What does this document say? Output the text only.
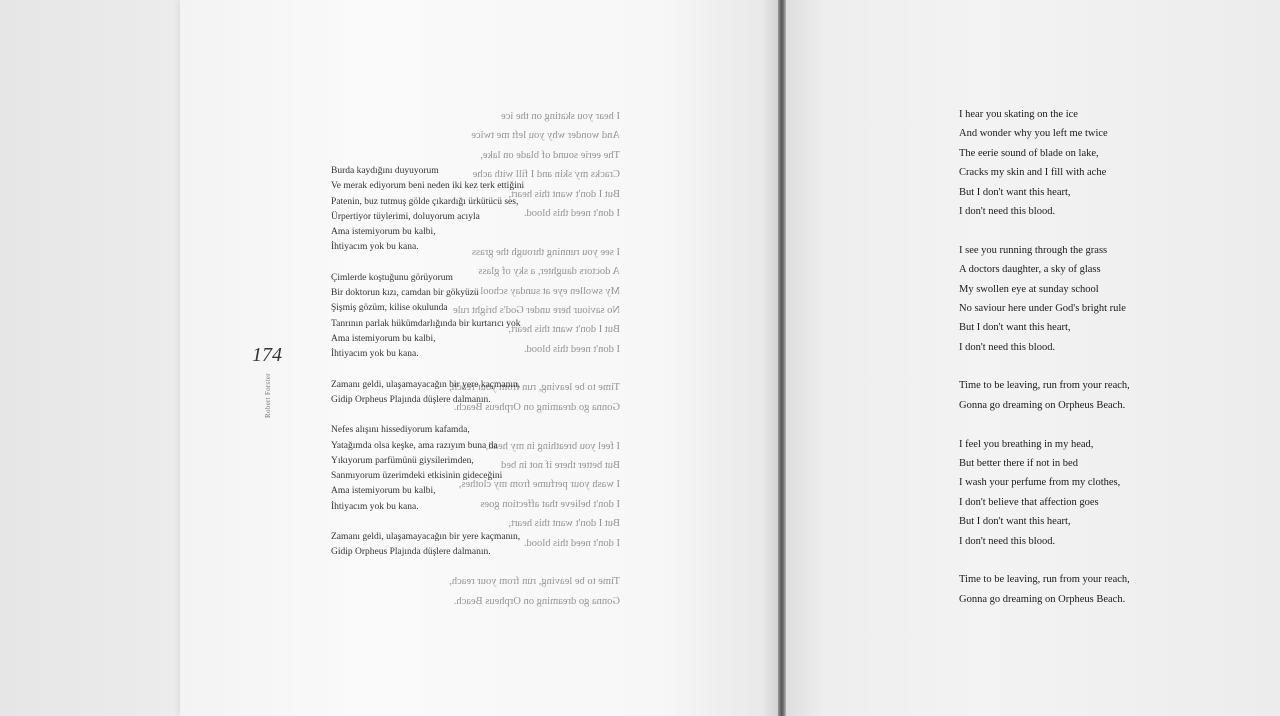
174
Robert Forster
I hear you skating on the ice
And wonder why you left me twice
The eerie sound of blade on lake,
Cracks my skin and I fill with ache
But I don't want this heart,
I don't need this blood.
I see you running through the grass
A doctors daughter, a sky of glass
My swollen eye at sunday school
No saviour here under God's bright rule
But I don't want this heart,
I don't need this blood.
Time to be leaving, run from your reach,
Gonna go dreaming on Orpheus Beach.
I feel you breathing in my head,
But better there if not in bed
I wash your perfume from my clothes,
I don't believe that affection goes
But I don't want this heart,
I don't need this blood.
Time to be leaving, run from your reach,
Gonna go dreaming on Orpheus Beach.
Burda kaydığını duyuyorum
Ve merak ediyorum beni neden iki kez terk ettiğini
Patenin, buz tutmuş gölde çıkardığı ürkütücü ses,
Ürpertiyor tüylerimi, doluyorum acıyla
Ama istemiyorum bu kalbi,
İhtiyacım yok bu kana.
Çimlerde koştuğunu görüyorum
Bir doktorun kızı, camdan bir gökyüzü
Şişmiş gözüm, kilise okulunda
Tanrının parlak hükümdarlığında bir kurtarıcı yok
Ama istemiyorum bu kalbi,
İhtiyacım yok bu kana.
Zamanı geldi, ulaşamayacağın bir yere kaçmanın,
Gidip Orpheus Plajında düşlere dalmanın.
Nefes alışını hissediyorum kafamda,
Yatağımda olsa keşke, ama razıyım buna da
Yıkıyorum parfümünü giysilerimden,
Sanmıyorum üzerimdeki etkisinin gideceğini
Ama istemiyorum bu kalbi,
İhtiyacım yok bu kana.
Zamanı geldi, ulaşamayacağın bir yere kaçmanın,
Gidip Orpheus Plajında düşlere dalmanın.
I hear you skating on the ice
And wonder why you left me twice
The eerie sound of blade on lake,
Cracks my skin and I fill with ache
But I don't want this heart,
I don't need this blood.
I see you running through the grass
A doctors daughter, a sky of glass
My swollen eye at sunday school
No saviour here under God's bright rule
But I don't want this heart,
I don't need this blood.
Time to be leaving, run from your reach,
Gonna go dreaming on Orpheus Beach.
I feel you breathing in my head,
But better there if not in bed
I wash your perfume from my clothes,
I don't believe that affection goes
But I don't want this heart,
I don't need this blood.
Time to be leaving, run from your reach,
Gonna go dreaming on Orpheus Beach.
